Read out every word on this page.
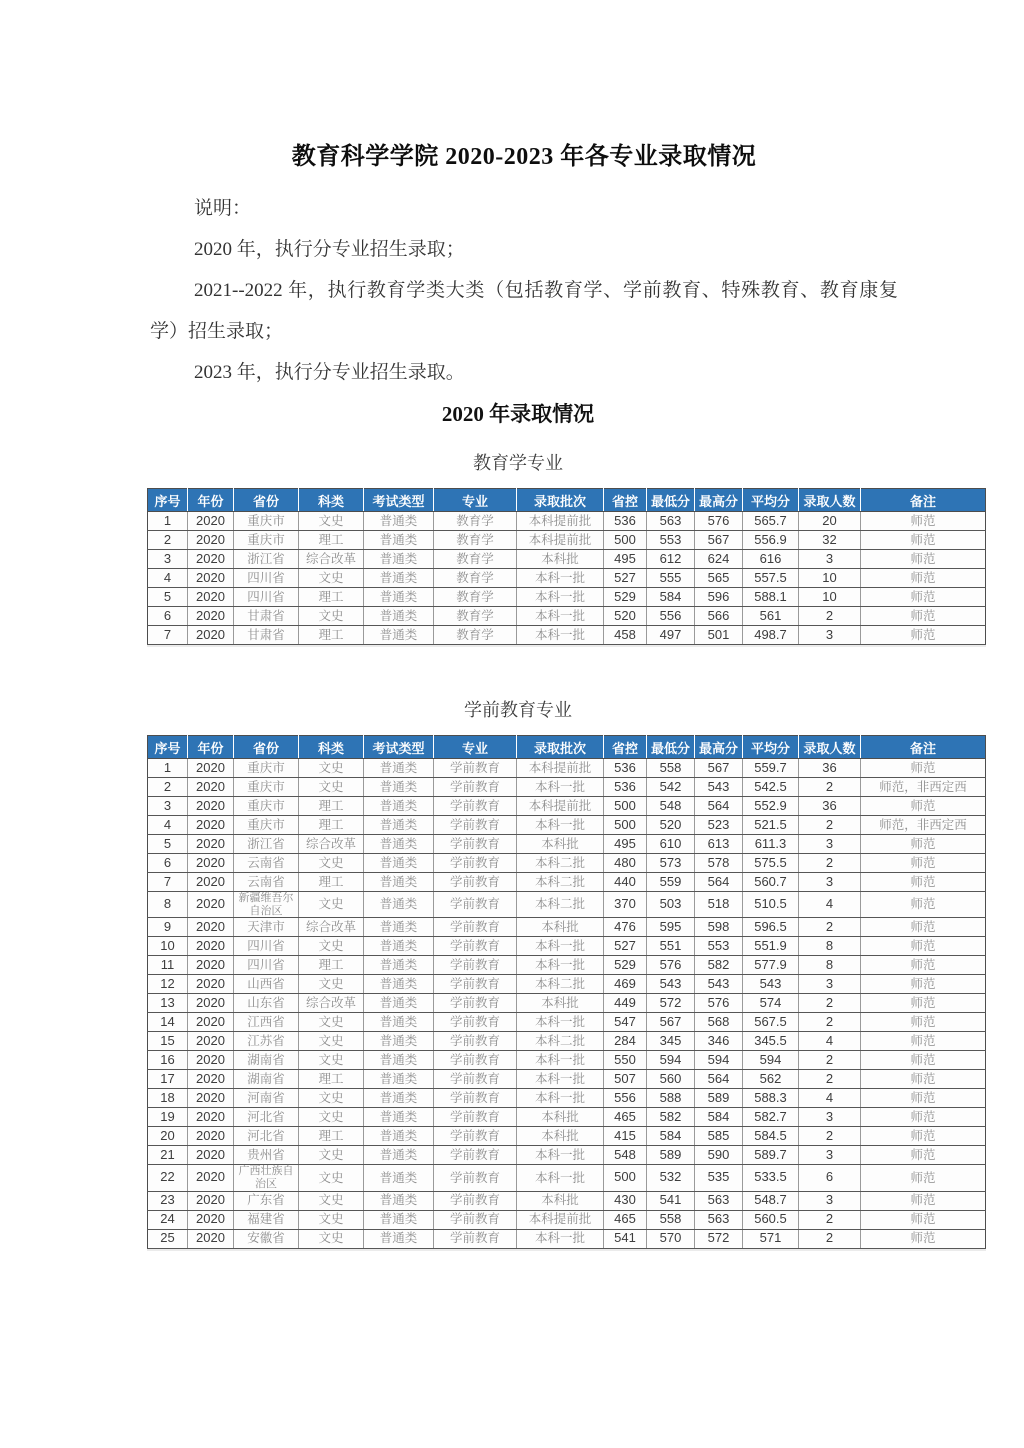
教育科学学院 2020-2023 年各专业录取情况

说明：

2020 年，执行分专业招生录取；

2021--2022 年，执行教育学类大类（包括教育学、学前教育、特殊教育、教育康复学）招生录取；

2023 年，执行分专业招生录取。

2020 年录取情况
教育学专业
序号	年份	省份	科类	考试类型	专业	录取批次	省控	最低分	最高分	平均分	录取人数	备注
1	2020	重庆市	文史	普通类	教育学	本科提前批	536	563	576	565.7	20	师范
2	2020	重庆市	理工	普通类	教育学	本科提前批	500	553	567	556.9	32	师范
3	2020	浙江省	综合改革	普通类	教育学	本科批	495	612	624	616	3	师范
4	2020	四川省	文史	普通类	教育学	本科一批	527	555	565	557.5	10	师范
5	2020	四川省	理工	普通类	教育学	本科一批	529	584	596	588.1	10	师范
6	2020	甘肃省	文史	普通类	教育学	本科一批	520	556	566	561	2	师范
7	2020	甘肃省	理工	普通类	教育学	本科一批	458	497	501	498.7	3	师范
学前教育专业
序号	年份	省份	科类	考试类型	专业	录取批次	省控	最低分	最高分	平均分	录取人数	备注
1	2020	重庆市	文史	普通类	学前教育	本科提前批	536	558	567	559.7	36	师范
2	2020	重庆市	文史	普通类	学前教育	本科一批	536	542	543	542.5	2	师范，非西定西
3	2020	重庆市	理工	普通类	学前教育	本科提前批	500	548	564	552.9	36	师范
4	2020	重庆市	理工	普通类	学前教育	本科一批	500	520	523	521.5	2	师范，非西定西
5	2020	浙江省	综合改革	普通类	学前教育	本科批	495	610	613	611.3	3	师范
6	2020	云南省	文史	普通类	学前教育	本科二批	480	573	578	575.5	2	师范
7	2020	云南省	理工	普通类	学前教育	本科二批	440	559	564	560.7	3	师范
8	2020	新疆维吾尔自治区	文史	普通类	学前教育	本科二批	370	503	518	510.5	4	师范
9	2020	天津市	综合改革	普通类	学前教育	本科批	476	595	598	596.5	2	师范
10	2020	四川省	文史	普通类	学前教育	本科一批	527	551	553	551.9	8	师范
11	2020	四川省	理工	普通类	学前教育	本科一批	529	576	582	577.9	8	师范
12	2020	山西省	文史	普通类	学前教育	本科二批	469	543	543	543	3	师范
13	2020	山东省	综合改革	普通类	学前教育	本科批	449	572	576	574	2	师范
14	2020	江西省	文史	普通类	学前教育	本科一批	547	567	568	567.5	2	师范
15	2020	江苏省	文史	普通类	学前教育	本科二批	284	345	346	345.5	4	师范
16	2020	湖南省	文史	普通类	学前教育	本科一批	550	594	594	594	2	师范
17	2020	湖南省	理工	普通类	学前教育	本科一批	507	560	564	562	2	师范
18	2020	河南省	文史	普通类	学前教育	本科一批	556	588	589	588.3	4	师范
19	2020	河北省	文史	普通类	学前教育	本科批	465	582	584	582.7	3	师范
20	2020	河北省	理工	普通类	学前教育	本科批	415	584	585	584.5	2	师范
21	2020	贵州省	文史	普通类	学前教育	本科一批	548	589	590	589.7	3	师范
22	2020	广西壮族自治区	文史	普通类	学前教育	本科一批	500	532	535	533.5	6	师范
23	2020	广东省	文史	普通类	学前教育	本科批	430	541	563	548.7	3	师范
24	2020	福建省	文史	普通类	学前教育	本科提前批	465	558	563	560.5	2	师范
25	2020	安徽省	文史	普通类	学前教育	本科一批	541	570	572	571	2	师范
